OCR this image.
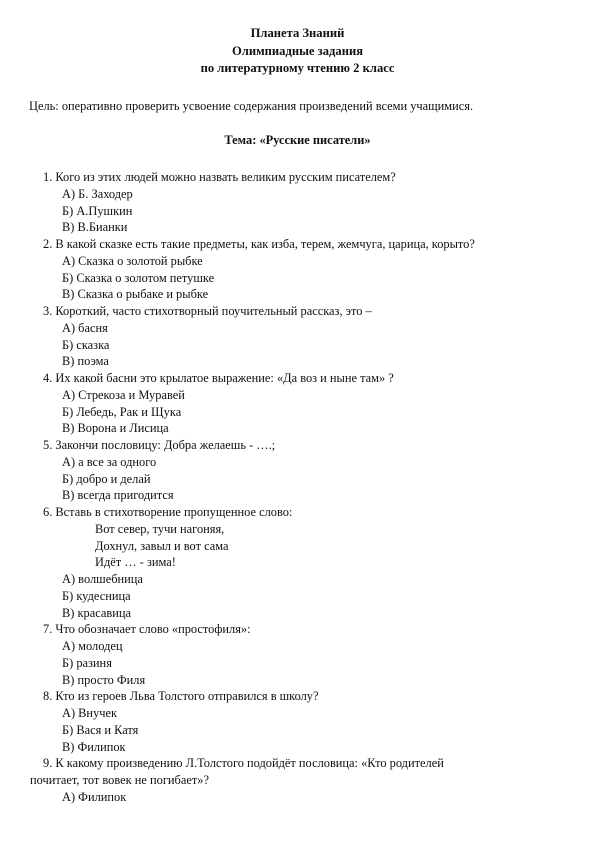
Планета Знаний
Олимпиадные задания
по литературному чтению 2 класс
Цель: оперативно проверить усвоение содержания произведений всеми учащимися.
Тема: «Русские писатели»
1. Кого из этих людей можно назвать великим русским писателем?
А) Б. Заходер
Б) А.Пушкин
В) В.Бианки
2. В какой сказке есть такие предметы, как изба, терем, жемчуга, царица, корыто?
А) Сказка о золотой рыбке
Б) Сказка о золотом петушке
В) Сказка о рыбаке и рыбке
3. Короткий, часто стихотворный поучительный рассказ, это –
А) басня
Б) сказка
В) поэма
4. Их какой басни это крылатое выражение: «Да воз и ныне там» ?
А) Стрекоза и Муравей
Б) Лебедь, Рак и Щука
В) Ворона и Лисица
5. Закончи пословицу: Добра желаешь - ….;
А) а все за одного
Б) добро и делай
В) всегда пригодится
6. Вставь в стихотворение пропущенное слово:
Вот север, тучи нагоняя,
Дохнул, завыл и вот сама
Идёт … - зима!
А) волшебница
Б) кудесница
В) красавица
7. Что обозначает слово «простофиля»:
А) молодец
Б) разиня
В) просто Филя
8. Кто из героев Льва Толстого отправился в школу?
А) Внучек
Б) Вася и Катя
В) Филипок
9. К какому произведению Л.Толстого подойдёт пословица: «Кто родителей
почитает, тот вовек не погибает»?
А) Филипок
